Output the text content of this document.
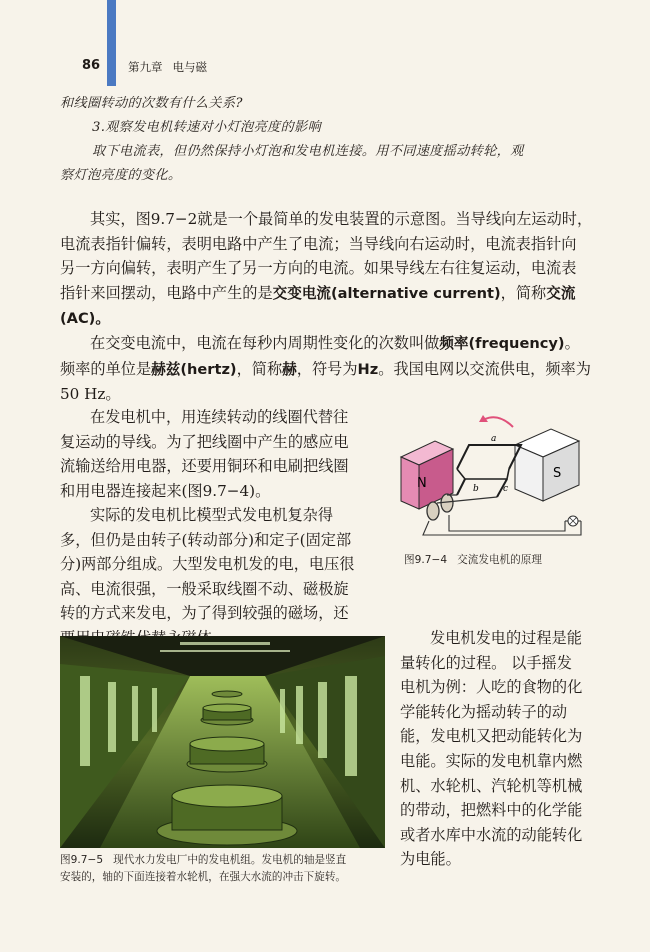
86 第九章 电与磁
和线圈转动的次数有什么关系?
3.观察发电机转速对小灯泡亮度的影响
取下电流表，但仍然保持小灯泡和发电机连接。用不同速度摇动转轮，观
察灯泡亮度的变化。
其实，图9.7−2就是一个最简单的发电装置的示意图。当导线向左运动时，
电流表指针偏转，表明电路中产生了电流；当导线向右运动时，电流表指针向
另一方向偏转，表明产生了另一方向的电流。如果导线左右往复运动，电流表
指针来回摆动，电路中产生的是交变电流(alternative current)，简称交流
(AC)。
在交变电流中，电流在每秒内周期性变化的次数叫做频率(frequency)。
频率的单位是赫兹(hertz)，简称赫，符号为Hz。我国电网以交流供电，频率为
50 Hz。
在发电机中，用连续转动的线圈代替往
复运动的导线。为了把线圈中产生的感应电
流输送给用电器，还要用铜环和电刷把线圈
和用电器连接起来(图9.7−4)。
实际的发电机比模型式发电机复杂得
多，但仍是由转子(转动部分)和定子(固定部
分)两部分组成。大型发电机发的电，电压很
高、电流很强，一般采取线圈不动、磁极旋
转的方式来发电，为了得到较强的磁场，还
N
S
a
b	c
图9.7−4 交流发电机的原理
图9.7−5 现代水力发电厂中的发电机组。发电机的轴是竖直
安装的，轴的下面连接着水轮机，在强大水流的冲击下旋转。
发电机发电的过程是能
量转化的过程。 以手摇发
电机为例：人吃的食物的化
学能转化为摇动转子的动
能，发电机又把动能转化为
电能。实际的发电机靠内燃
机、水轮机、汽轮机等机械
的带动，把燃料中的化学能
或者水库中水流的动能转化
为电能。
